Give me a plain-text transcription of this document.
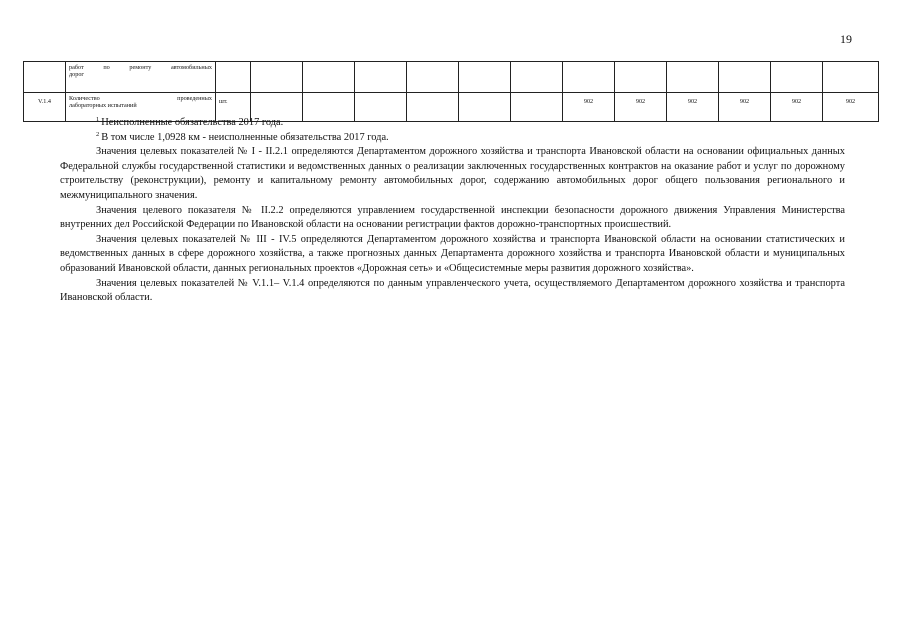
19
	работ по ремонту автомобильных
дорог													

V.1.4	Количество проведенных
лабораторных испытаний	шт.							902	902	902	902	902	902

$^1$ Неисполненные обязательства 2017 года.

$^2$ В том числе 1,0928 км - неисполненные обязательства 2017 года.

Значения целевых показателей № I - II.2.1 определяются Департаментом дорожного хозяйства и транспорта Ивановской области на основании официальных данных Федеральной службы государственной статистики и ведомственных данных о реализации заключенных государственных контрактов на оказание работ и услуг по дорожному строительству (реконструкции), ремонту и капитальному ремонту автомобильных дорог, содержанию автомобильных дорог общего пользования регионального и межмуниципального значения.

Значения целевого показателя № II.2.2 определяются управлением государственной инспекции безопасности дорожного движения Управления Министерства внутренних дел Российской Федерации по Ивановской области на основании регистрации фактов дорожно-транспортных происшествий.

Значения целевых показателей № III - IV.5 определяются Департаментом дорожного хозяйства и транспорта Ивановской области на основании статистических и ведомственных данных в сфере дорожного хозяйства, а также прогнозных данных Департамента дорожного хозяйства и транспорта Ивановской области и муниципальных образований Ивановской области, данных региональных проектов «Дорожная сеть» и «Общесистемные меры развития дорожного хозяйства».

Значения целевых показателей № V.1.1– V.1.4 определяются по данным управленческого учета, осуществляемого Департаментом дорожного хозяйства и транспорта Ивановской области.
